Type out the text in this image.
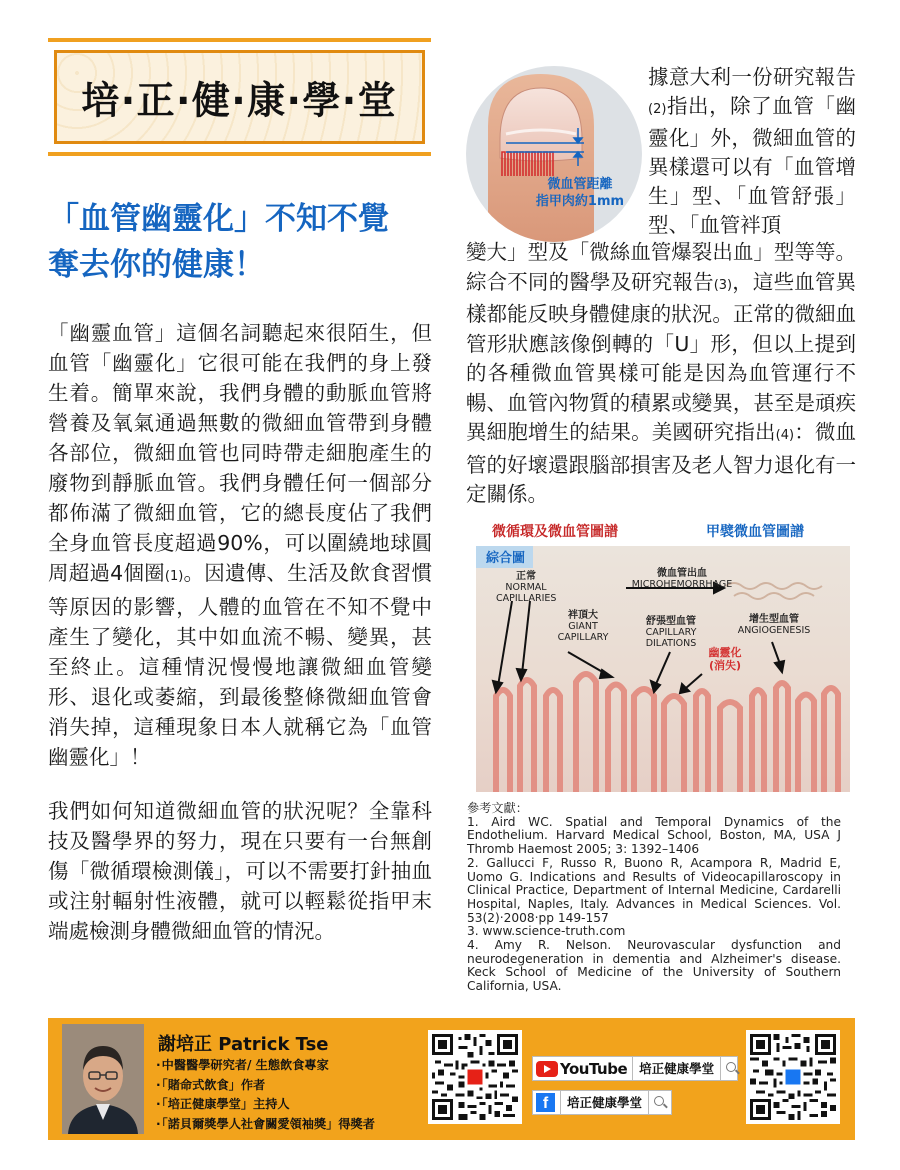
培‧正‧健‧康‧學‧堂
「血管幽靈化」不知不覺
奪去你的健康！

「幽靈血管」這個名詞聽起來很陌生，但血管「幽靈化」它很可能在我們的身上發生着。簡單來說，我們身體的動脈血管將營養及氧氣通過無數的微細血管帶到身體各部位，微細血管也同時帶走細胞產生的廢物到靜脈血管。我們身體任何一個部分都佈滿了微細血管，它的總長度佔了我們全身血管長度超過90%，可以圍繞地球圓周超過4個圈(1)。因遺傳、生活及飲食習慣等原因的影響，人體的血管在不知不覺中產生了變化，其中如血流不暢、變異，甚至終止。這種情況慢慢地讓微細血管變形、退化或萎縮，到最後整條微細血管會消失掉，這種現象日本人就稱它為「血管幽靈化」！

我們如何知道微細血管的狀況呢？全靠科技及醫學界的努力，現在只要有一台無創傷「微循環檢測儀」，可以不需要打針抽血或注射輻射性液體，就可以輕鬆從指甲末端處檢測身體微細血管的情況。

微血管距離
指甲肉約1mm

據意大利一份研究報告(2)指出，除了血管「幽靈化」外，微細血管的異樣還可以有「血管增生」型、「血管舒張」型、「血管袢頂

變大」型及「微絲血管爆裂出血」型等等。綜合不同的醫學及研究報告(3)，這些血管異樣都能反映身體健康的狀況。正常的微細血管形狀應該像倒轉的「U」形，但以上提到的各種微血管異樣可能是因為血管運行不暢、血管內物質的積累或變異，甚至是頑疾異細胞增生的結果。美國研究指出(4)：微血管的好壞還跟腦部損害及老人智力退化有一定關係。

微循環及微血管圖譜	甲襞微血管圖譜
綜合圖
正常
NORMAL
CAPILLARIES
微血管出血
MICROHEMORRHAGE
袢頂大
GIANT
CAPILLARY
舒張型血管
CAPILLARY
DILATIONS
增生型血管
ANGIOGENESIS
幽靈化
(消失)
參考文獻：
1. Aird WC. Spatial and Temporal Dynamics of the Endothelium. Harvard Medical School, Boston, MA, USA J Thromb Haemost 2005; 3: 1392–1406
2. Gallucci F, Russo R, Buono R, Acampora R, Madrid E, Uomo G. Indications and Results of Videocapillaroscopy in Clinical Practice, Department of Internal Medicine, Cardarelli Hospital, Naples, Italy. Advances in Medical Sciences. Vol. 53(2)‧2008‧pp 149-157
3. www.science-truth.com
4. Amy R. Nelson. Neurovascular dysfunction and neurodegeneration in dementia and Alzheimer's disease. Keck School of Medicine of the University of Southern California, USA.
謝培正 Patrick Tse
· 中醫醫學研究者/ 生態飲食專家
· 「賭命式飲食」作者
· 「培正健康學堂」主持人
· 「諾貝爾獎學人社會關愛領袖獎」得獎者
YouTube 培正健康學堂
f	培正健康學堂
